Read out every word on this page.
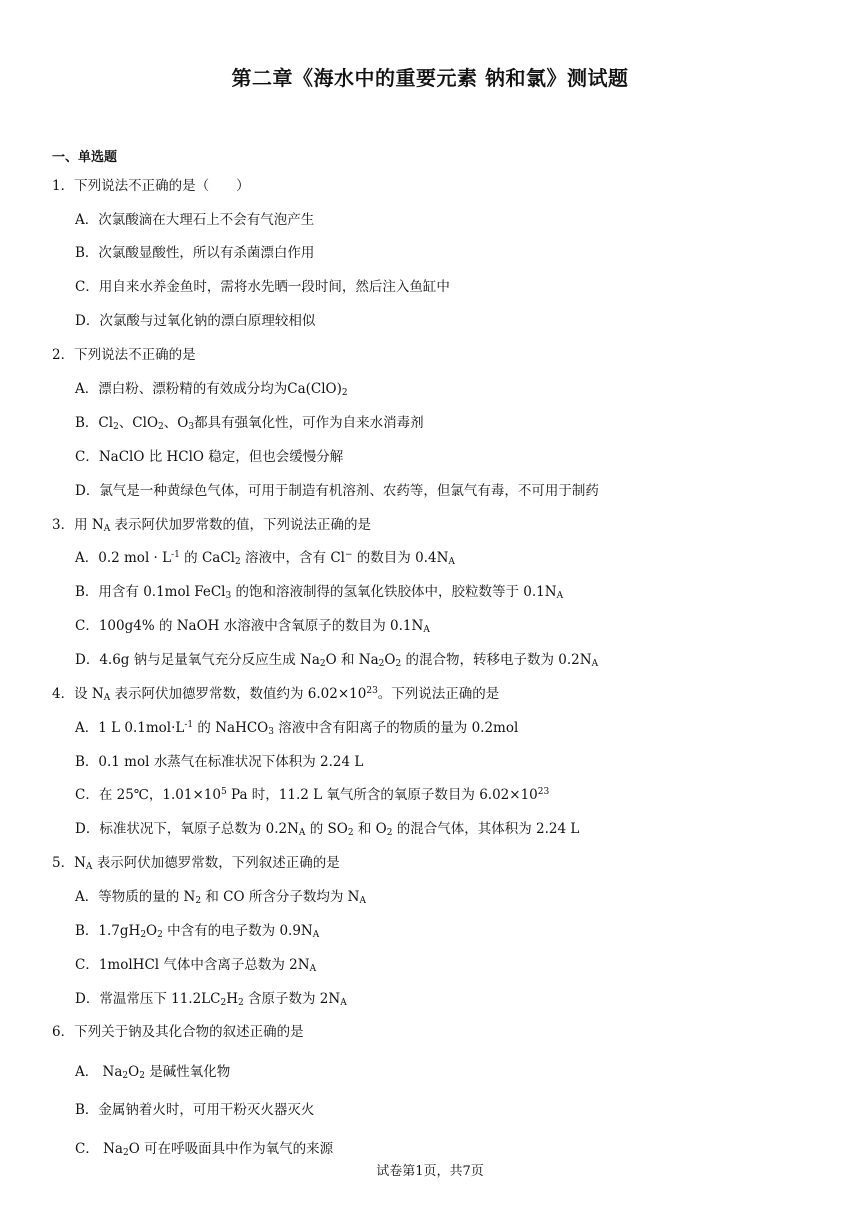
第二章《海水中的重要元素 钠和氯》测试题
一、单选题
1．下列说法不正确的是（　　）
A．次氯酸滴在大理石上不会有气泡产生
B．次氯酸显酸性，所以有杀菌漂白作用
C．用自来水养金鱼时，需将水先晒一段时间，然后注入鱼缸中
D．次氯酸与过氧化钠的漂白原理较相似
2．下列说法不正确的是
A．漂白粉、漂粉精的有效成分均为$Ca(ClO)_2$
B．$Cl_2$、ClO$_2$、$O_3$都具有强氧化性，可作为自来水消毒剂
C．NaClO 比 HClO 稳定，但也会缓慢分解
D．氯气是一种黄绿色气体，可用于制造有机溶剂、农药等，但氯气有毒，不可用于制药
3．用 $N_A$ 表示阿伏加罗常数的值，下列说法正确的是
A．0.2 mol · $L^{-1}$ 的 CaCl$_2$ 溶液中，含有 Cl− 的数目为 $0.4N_A$
B．用含有 0.1mol FeCl$_3$ 的饱和溶液制得的氢氧化铁胶体中，胶粒数等于 $0.1N_A$
C．100g4% 的 NaOH 水溶液中含氧原子的数目为 $0.1N_A$
D．4.6g 钠与足量氧气充分反应生成 $Na_2O$ 和 $Na_2O_2$ 的混合物，转移电子数为 $0.2N_A$
4．设 $N_A$ 表示阿伏加德罗常数，数值约为 $6.02\times 10^{23}$。下列说法正确的是
A．1 L $0.1mol\cdot L^{-1}$ 的 NaHCO$_3$ 溶液中含有阳离子的物质的量为 0.2mol
B．0.1 mol 水蒸气在标准状况下体积为 2.24 L
C．在 25℃，$1.01\times 10^5$ Pa 时，11.2 L 氧气所含的氧原子数目为 $6.02\times 10^{23}$
D．标准状况下，氧原子总数为 $0.2N_A$ 的 $SO_2$ 和 $O_2$ 的混合气体，其体积为 2.24 L
5．$N_A$ 表示阿伏加德罗常数，下列叙述正确的是
A．等物质的量的 $N_2$ 和 CO 所含分子数均为 $N_A$
B．$1.7gH_2O_2$ 中含有的电子数为 $0.9N_A$
C．1molHCl 气体中含离子总数为 $2N_A$
D．常温常压下 $11.2LC_2H_2$ 含原子数为 $2N_A$
6．下列关于钠及其化合物的叙述正确的是
A． $Na_2O_2$ 是碱性氧化物
B．金属钠着火时，可用干粉灭火器灭火
C． $Na_2O$ 可在呼吸面具中作为氧气的来源
试卷第1页，共7页
